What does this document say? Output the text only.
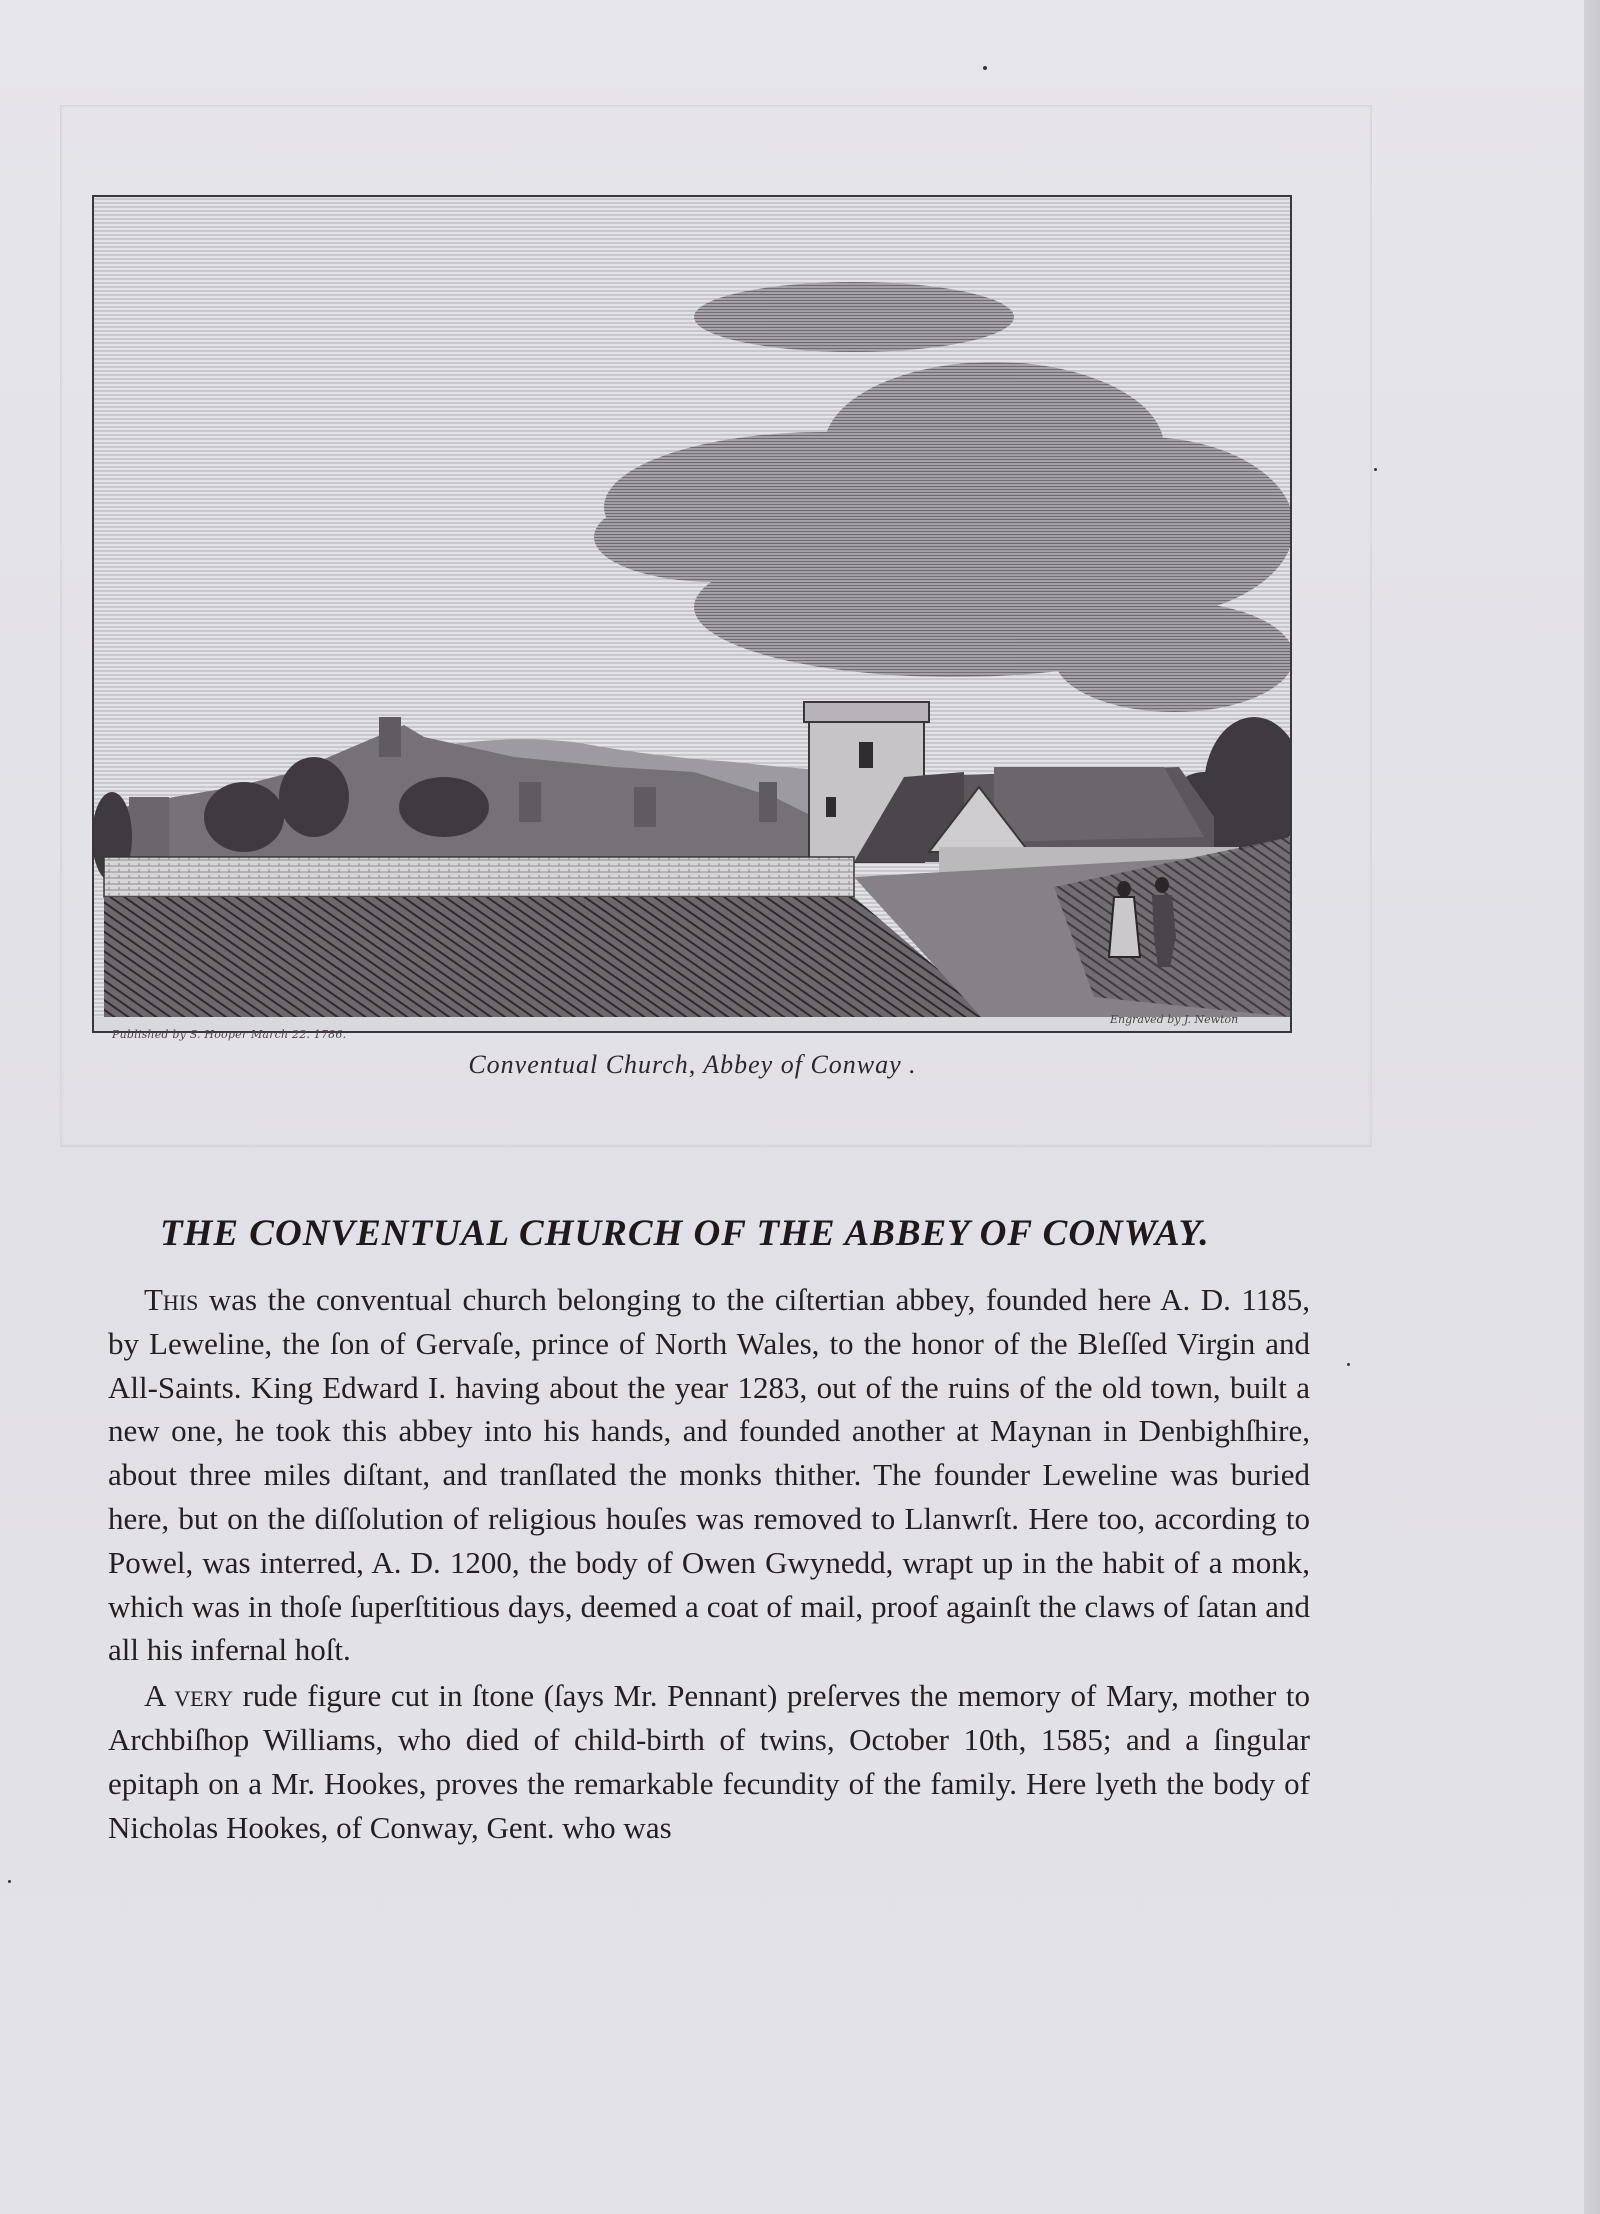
Published by S. Hooper March 22. 1786.
Engraved by J. Newton
Conventual Church, Abbey of Conway .
THE CONVENTUAL CHURCH OF THE ABBEY OF CONWAY.

This was the conventual church belonging to the ciſtertian abbey, founded here A. D. 1185, by Leweline, the ſon of Gervaſe, prince of North Wales, to the honor of the Bleſſed Virgin and All-Saints. King Edward I. having about the year 1283, out of the ruins of the old town, built a new one, he took this abbey into his hands, and founded another at Maynan in Denbighſhire, about three miles diſtant, and tranſlated the monks thither. The founder Leweline was buried here, but on the diſſolution of religious houſes was removed to Llanwrſt. Here too, according to Powel, was interred, A. D. 1200, the body of Owen Gwynedd, wrapt up in the habit of a monk, which was in thoſe ſuperſtitious days, deemed a coat of mail, proof againſt the claws of ſatan and all his infernal hoſt.

A very rude figure cut in ſtone (ſays Mr. Pennant) preſerves the memory of Mary, mother to Archbiſhop Williams, who died of child-birth of twins, October 10th, 1585; and a ſingular epitaph on a Mr. Hookes, proves the remarkable fecundity of the family. Here lyeth the body of Nicholas Hookes, of Conway, Gent. who was
